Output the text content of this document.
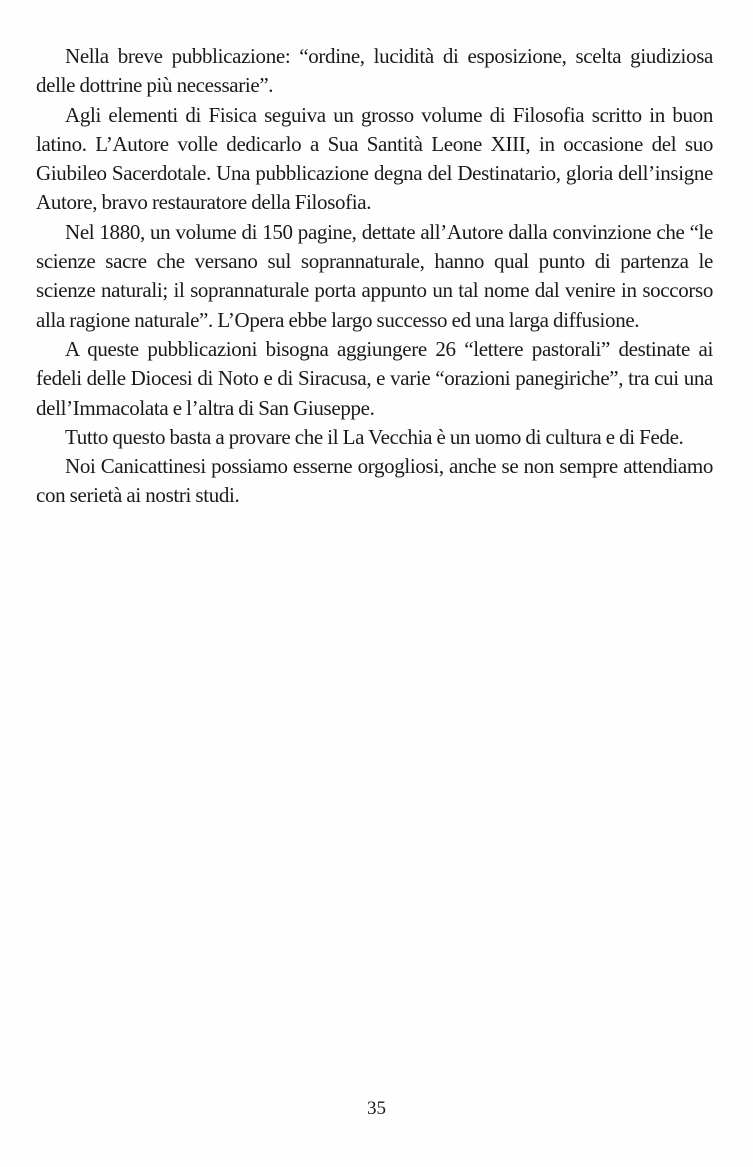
Nella breve pubblicazione: “ordine, lucidità di esposizione, scelta giudiziosa delle dottrine più necessarie”.

Agli elementi di Fisica seguiva un grosso volume di Filosofia scritto in buon latino. L’Autore volle dedicarlo a Sua Santità Leone XIII, in occasione del suo Giubileo Sacerdotale. Una pubblicazione degna del Destinatario, gloria dell’insigne Autore, bravo restauratore della Filosofia.

Nel 1880, un volume di 150 pagine, dettate all’Autore dalla convinzione che “le scienze sacre che versano sul soprannaturale, hanno qual punto di partenza le scienze naturali; il soprannaturale porta appunto un tal nome dal venire in soccorso alla ragione naturale”. L’Opera ebbe largo successo ed una larga diffusione.

A queste pubblicazioni bisogna aggiungere 26 “lettere pastorali” destinate ai fedeli delle Diocesi di Noto e di Siracusa, e varie “orazioni panegiriche”, tra cui una dell’Immacolata e l’altra di San Giuseppe.

Tutto questo basta a provare che il La Vecchia è un uomo di cultura e di Fede.

Noi Canicattinesi possiamo esserne orgogliosi, anche se non sempre attendiamo con serietà ai nostri studi.

35
